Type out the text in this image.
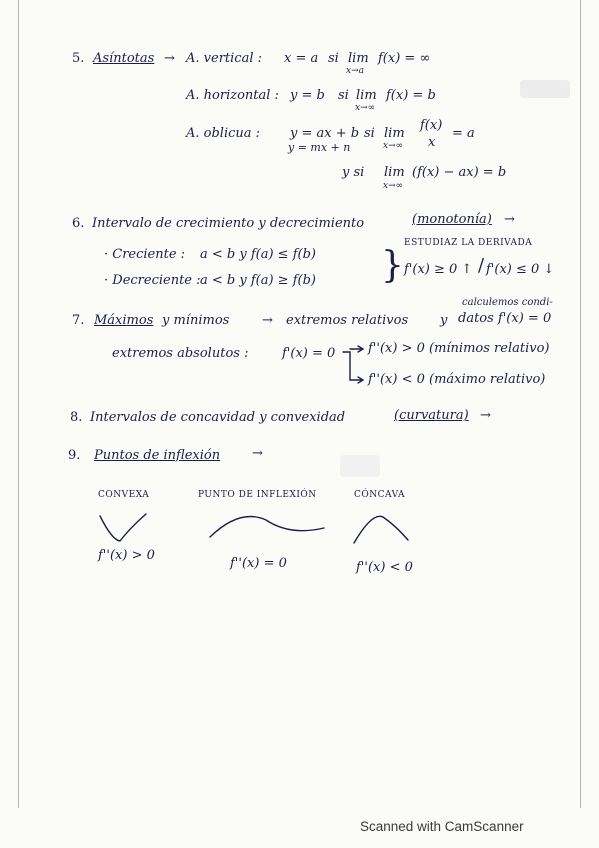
5. Asíntotas → A. vertical : x = a si lim
x→a
f(x) = ∞
A. horizontal : y = b si lim
x→∞
f(x) = b
A. oblicua : y = ax + b
y = mx + n
si lim
x→∞
f(x)
x
= a
y si lim
x→∞
(f(x) − ax) = b
6. Intervalo de crecimiento y decrecimiento	(monotonía) →
· Creciente : a < b y f(a) ≤ f(b)
· Decreciente : a < b y f(a) ≥ f(b) }
ESTUDIAZ LA DERIVADA
f'(x) ≥ 0 ↑ / f'(x) ≤ 0 ↓
calculemos condi-
7. Máximos y mínimos	→ extremos relativos y datos f'(x) = 0
extremos absolutos :	f'(x) = 0	f''(x) > 0 (mínimos relativo)
f''(x) < 0 (máximo relativo)
8. Intervalos de concavidad y convexidad	(curvatura) →
9. Puntos de inflexión →
CONVEXA	PUNTO DE INFLEXIÓN	CÓNCAVA
f''(x) > 0
f''(x) = 0	f''(x) < 0
Scanned with CamScanner
